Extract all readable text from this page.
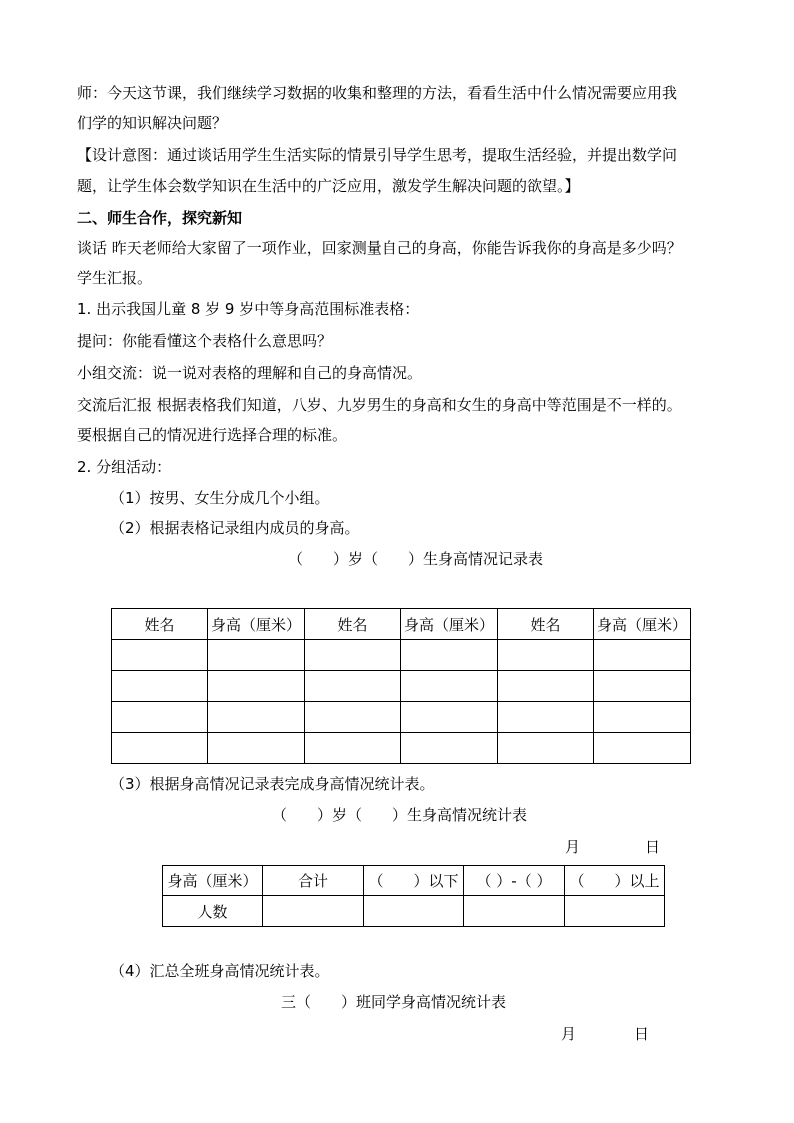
师：今天这节课，我们继续学习数据的收集和整理的方法，看看生活中什么情况需要应用我
们学的知识解决问题？
【设计意图：通过谈话用学生生活实际的情景引导学生思考，提取生活经验，并提出数学问
题，让学生体会数学知识在生活中的广泛应用，激发学生解决问题的欲望。】
二、师生合作，探究新知
谈话 昨天老师给大家留了一项作业，回家测量自己的身高，你能告诉我你的身高是多少吗？
学生汇报。
1. 出示我国儿童 8 岁 9 岁中等身高范围标准表格：
提问：你能看懂这个表格什么意思吗？
小组交流：说一说对表格的理解和自己的身高情况。
交流后汇报 根据表格我们知道，八岁、九岁男生的身高和女生的身高中等范围是不一样的。
要根据自己的情况进行选择合理的标准。
2. 分组活动：
（1）按男、女生分成几个小组。
（2）根据表格记录组内成员的身高。
（　　）岁（　　）生身高情况记录表
姓名	身高（厘米）	姓名	身高（厘米）	姓名	身高（厘米）

（3）根据身高情况记录表完成身高情况统计表。
（　　）岁（　　）生身高情况统计表
月	日
身高（厘米）	合计	（　　）以下	（ ）-（ ）	（　　）以上
人数				
（4）汇总全班身高情况统计表。
三（　　）班同学身高情况统计表
月	日
